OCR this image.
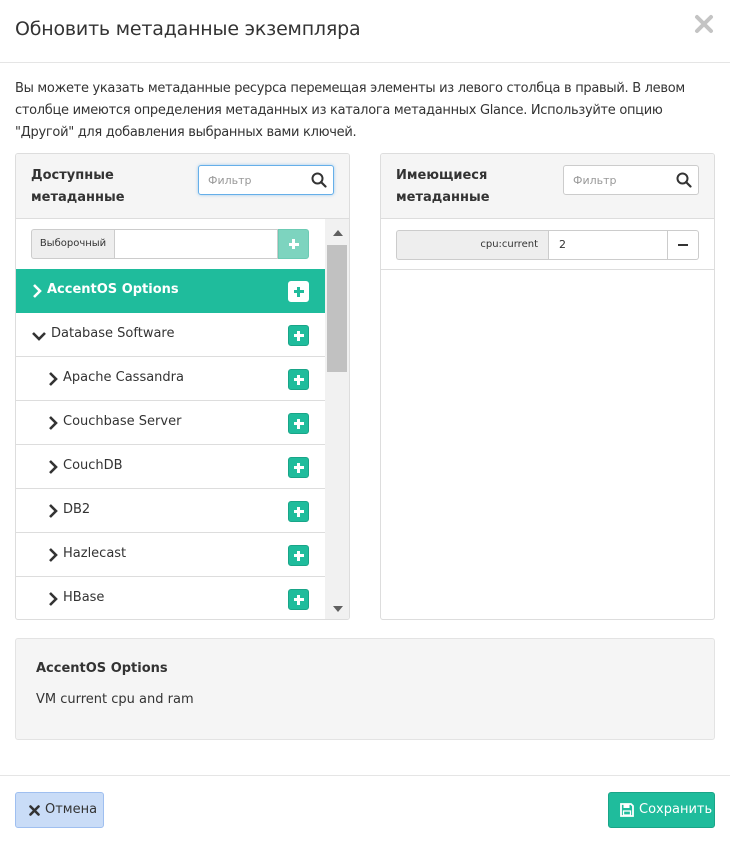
Обновить метаданные экземпляра
Вы можете указать метаданные ресурса перемещая элементы из левого столбца в правый. В левом столбце имеются определения метаданных из каталога метаданных Glance. Используйте опцию "Другой" для добавления выбранных вами ключей.
Доступные метаданные
Фильтр
Выборочный
AccentOS Options
Database Software
Apache Cassandra
Couchbase Server
CouchDB
DB2
Hazlecast
HBase
Имеющиеся метаданные
Фильтр
cpu:current	2
AccentOS Options
VM current cpu and ram
Отмена	Сохранить
